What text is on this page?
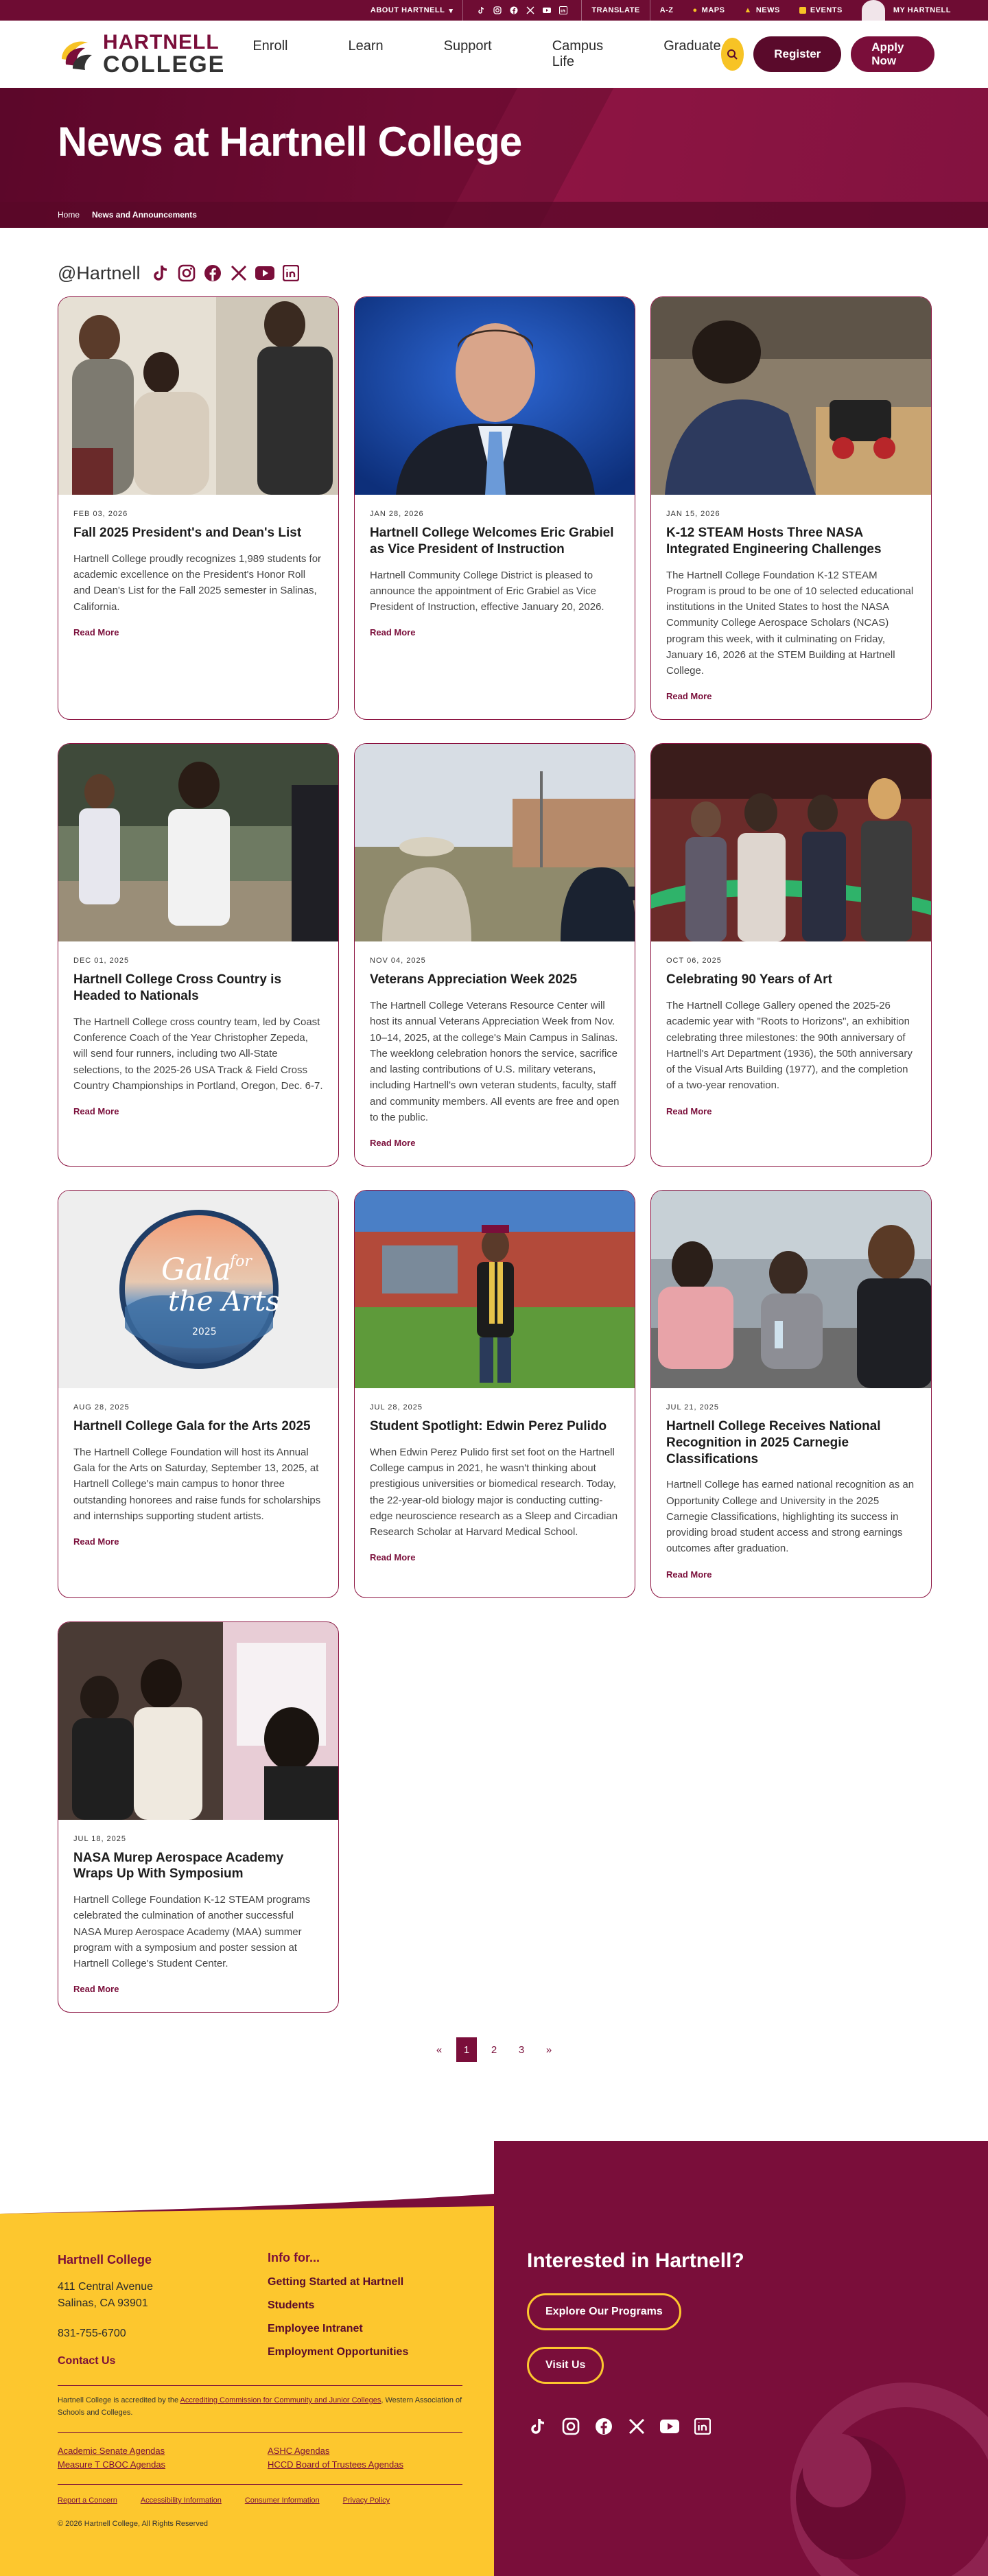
ABOUT HARTNELL ▾	TRANSLATE	A-Z	● MAPS	▲ NEWS	EVENTS	MY HARTNELL
HARTNELL
COLLEGE
Enroll	Learn	Support	Campus Life
Graduate
Register
Apply Now
News at Hartnell College
Home News and Announcements
@Hartnell
FEB 03, 2026
Fall 2025 President's and Dean's List

Hartnell College proudly recognizes 1,989 students for academic excellence on the President's Honor Roll and Dean's List for the Fall 2025 semester in Salinas, California.

Read More
JAN 28, 2026
Hartnell College Welcomes Eric Grabiel as Vice President of Instruction

Hartnell Community College District is pleased to announce the appointment of Eric Grabiel as Vice President of Instruction, effective January 20, 2026.

Read More
JAN 15, 2026
K-12 STEAM Hosts Three NASA Integrated Engineering Challenges

The Hartnell College Foundation K-12 STEAM Program is proud to be one of 10 selected educational institutions in the United States to host the NASA Community College Aerospace Scholars (NCAS) program this week, with it culminating on Friday, January 16, 2026 at the STEM Building at Hartnell College.

Read More
DEC 01, 2025
Hartnell College Cross Country is Headed to Nationals

The Hartnell College cross country team, led by Coast Conference Coach of the Year Christopher Zepeda, will send four runners, including two All-State selections, to the 2025-26 USA Track & Field Cross Country Championships in Portland, Oregon, Dec. 6-7.

Read More
NOV 04, 2025
Veterans Appreciation Week 2025

The Hartnell College Veterans Resource Center will host its annual Veterans Appreciation Week from Nov. 10–14, 2025, at the college's Main Campus in Salinas. The weeklong celebration honors the service, sacrifice and lasting contributions of U.S. military veterans, including Hartnell's own veteran students, faculty, staff and community members. All events are free and open to the public.

Read More
OCT 06, 2025
Celebrating 90 Years of Art

The Hartnell College Gallery opened the 2025-26 academic year with "Roots to Horizons", an exhibition celebrating three milestones: the 90th anniversary of Hartnell's Art Department (1936), the 50th anniversary of the Visual Arts Building (1977), and the completion of a two-year renovation.

Read More
Gala
for
the Arts
2025
AUG 28, 2025
Hartnell College Gala for the Arts 2025

The Hartnell College Foundation will host its Annual Gala for the Arts on Saturday, September 13, 2025, at Hartnell College's main campus to honor three outstanding honorees and raise funds for scholarships and internships supporting student artists.

Read More
JUL 28, 2025
Student Spotlight: Edwin Perez Pulido

When Edwin Perez Pulido first set foot on the Hartnell College campus in 2021, he wasn't thinking about prestigious universities or biomedical research. Today, the 22-year-old biology major is conducting cutting-edge neuroscience research as a Sleep and Circadian Research Scholar at Harvard Medical School.

Read More
JUL 21, 2025
Hartnell College Receives National Recognition in 2025 Carnegie Classifications

Hartnell College has earned national recognition as an Opportunity College and University in the 2025 Carnegie Classifications, highlighting its success in providing broad student access and strong earnings outcomes after graduation.

Read More
JUL 18, 2025
NASA Murep Aerospace Academy Wraps Up With Symposium

Hartnell College Foundation K-12 STEAM programs celebrated the culmination of another successful NASA Murep Aerospace Academy (MAA) summer program with a symposium and poster session at Hartnell College's Student Center.

Read More
«	1	2	3	»
Hartnell College
411 Central Avenue
Salinas, CA 93901
831-755-6700
Contact Us
Info for...
Getting Started at Hartnell
Students
Employee Intranet
Employment Opportunities
Hartnell College is accredited by the Accrediting Commission for Community and Junior Colleges, Western Association of Schools and Colleges.
Academic Senate Agendas
Measure T CBOC Agendas
ASHC Agendas
HCCD Board of Trustees Agendas
Report a Concern	Accessibility Information	Consumer Information	Privacy Policy
© 2026 Hartnell College, All Rights Reserved
Interested in Hartnell?
Explore Our Programs
Visit Us
